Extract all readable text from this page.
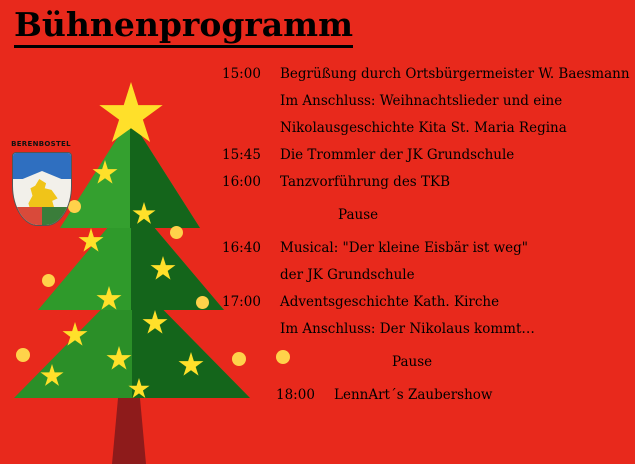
Bühnenprogramm
BERENBOSTEL
15:00	Begrüßung durch Ortsbürgermeister W. Baesmann
Im Anschluss: Weihnachtslieder und eine
Nikolausgeschichte Kita St. Maria Regina
15:45	Die Trommler der JK Grundschule
16:00	Tanzvorführung des TKB
Pause
16:40	Musical: "Der kleine Eisbär ist weg"
der JK Grundschule
17:00	Adventsgeschichte Kath. Kirche
Im Anschluss: Der Nikolaus kommt…
Pause
18:00	LennArt´s Zaubershow
